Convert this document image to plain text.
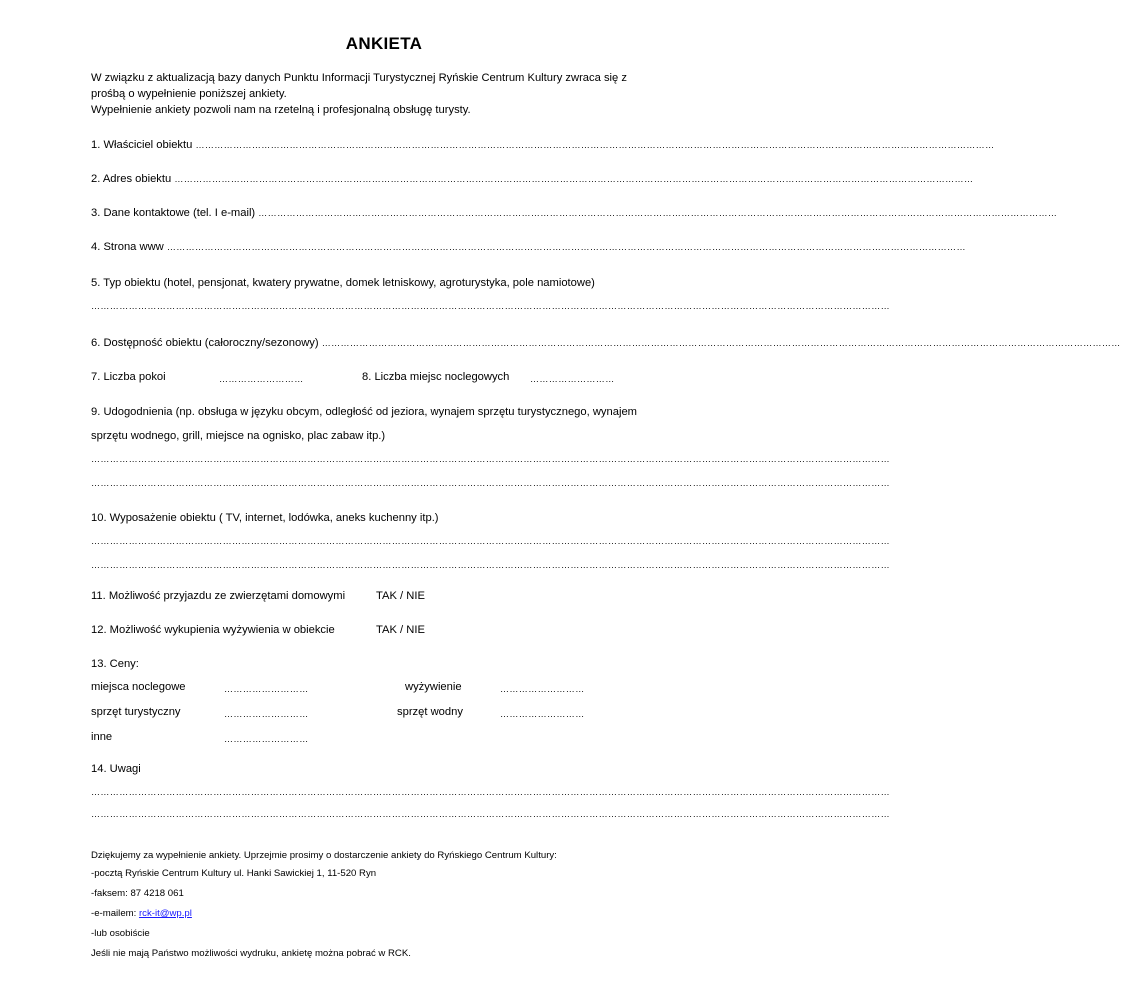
ANKIETA
W związku z aktualizacją bazy danych Punktu Informacji Turystycznej Ryńskie Centrum Kultury zwraca się z
prośbą o wypełnienie poniższej ankiety.
Wypełnienie ankiety pozwoli nam na rzetelną i profesjonalną obsługę turysty.
1. Właściciel obiektu …………………………………………………………………………………………………………………………………………………………………………………………………………………………………
2. Adres obiektu …………………………………………………………………………………………………………………………………………………………………………………………………………………………………
3. Dane kontaktowe (tel. I e-mail) …………………………………………………………………………………………………………………………………………………………………………………………………………………………………
4. Strona www …………………………………………………………………………………………………………………………………………………………………………………………………………………………………
5. Typ obiektu (hotel, pensjonat, kwatery prywatne, domek letniskowy, agroturystyka, pole namiotowe)
…………………………………………………………………………………………………………………………………………………………………………………………………………………………………
6. Dostępność obiektu (całoroczny/sezonowy) …………………………………………………………………………………………………………………………………………………………………………………………………………………………………
7. Liczba pokoi	………………………	8. Liczba miejsc noclegowych ………………………
9. Udogodnienia (np. obsługa w języku obcym, odległość od jeziora, wynajem sprzętu turystycznego, wynajem
sprzętu wodnego, grill, miejsce na ognisko, plac zabaw itp.)
…………………………………………………………………………………………………………………………………………………………………………………………………………………………………
…………………………………………………………………………………………………………………………………………………………………………………………………………………………………
10. Wyposażenie obiektu ( TV, internet, lodówka, aneks kuchenny itp.)
…………………………………………………………………………………………………………………………………………………………………………………………………………………………………
…………………………………………………………………………………………………………………………………………………………………………………………………………………………………
11. Możliwość przyjazdu ze zwierzętami domowymi	TAK / NIE
12. Możliwość wykupienia wyżywienia w obiekcie	TAK / NIE
13. Ceny:
miejsca noclegowe	………………………	wyżywienie	………………………
sprzęt turystyczny	………………………	sprzęt wodny	………………………
inne	………………………
14. Uwagi
…………………………………………………………………………………………………………………………………………………………………………………………………………………………………
…………………………………………………………………………………………………………………………………………………………………………………………………………………………………
Dziękujemy za wypełnienie ankiety. Uprzejmie prosimy o dostarczenie ankiety do Ryńskiego Centrum Kultury:
-pocztą Ryńskie Centrum Kultury ul. Hanki Sawickiej 1, 11-520 Ryn
-faksem: 87 4218 061
-e-mailem: rck-it@wp.pl
-lub osobiście
Jeśli nie mają Państwo możliwości wydruku, ankietę można pobrać w RCK.
